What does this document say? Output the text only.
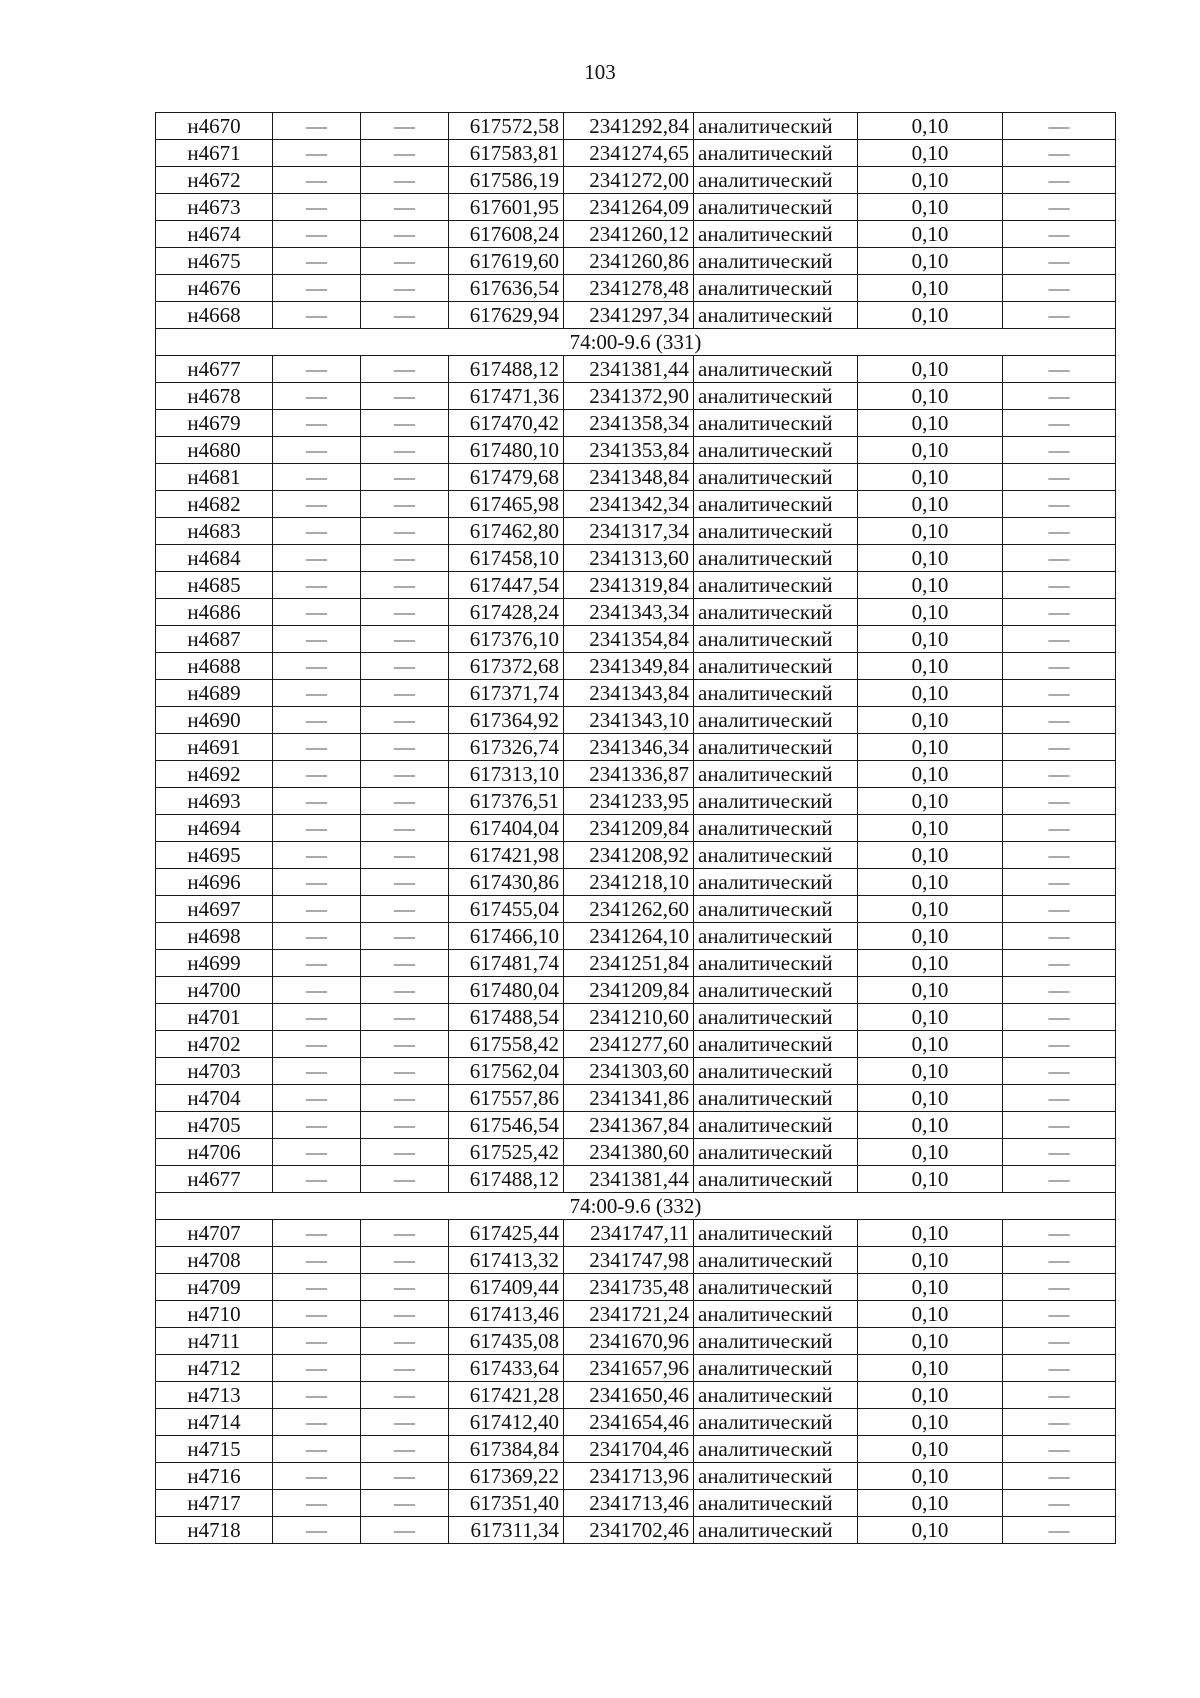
103
н4670	—	—	617572,58	2341292,84	аналитический	0,10	—
н4671	—	—	617583,81	2341274,65	аналитический	0,10	—
н4672	—	—	617586,19	2341272,00	аналитический	0,10	—
н4673	—	—	617601,95	2341264,09	аналитический	0,10	—
н4674	—	—	617608,24	2341260,12	аналитический	0,10	—
н4675	—	—	617619,60	2341260,86	аналитический	0,10	—
н4676	—	—	617636,54	2341278,48	аналитический	0,10	—
н4668	—	—	617629,94	2341297,34	аналитический	0,10	—
74:00-9.6 (331)							
н4677	—	—	617488,12	2341381,44	аналитический	0,10	—
н4678	—	—	617471,36	2341372,90	аналитический	0,10	—
н4679	—	—	617470,42	2341358,34	аналитический	0,10	—
н4680	—	—	617480,10	2341353,84	аналитический	0,10	—
н4681	—	—	617479,68	2341348,84	аналитический	0,10	—
н4682	—	—	617465,98	2341342,34	аналитический	0,10	—
н4683	—	—	617462,80	2341317,34	аналитический	0,10	—
н4684	—	—	617458,10	2341313,60	аналитический	0,10	—
н4685	—	—	617447,54	2341319,84	аналитический	0,10	—
н4686	—	—	617428,24	2341343,34	аналитический	0,10	—
н4687	—	—	617376,10	2341354,84	аналитический	0,10	—
н4688	—	—	617372,68	2341349,84	аналитический	0,10	—
н4689	—	—	617371,74	2341343,84	аналитический	0,10	—
н4690	—	—	617364,92	2341343,10	аналитический	0,10	—
н4691	—	—	617326,74	2341346,34	аналитический	0,10	—
н4692	—	—	617313,10	2341336,87	аналитический	0,10	—
н4693	—	—	617376,51	2341233,95	аналитический	0,10	—
н4694	—	—	617404,04	2341209,84	аналитический	0,10	—
н4695	—	—	617421,98	2341208,92	аналитический	0,10	—
н4696	—	—	617430,86	2341218,10	аналитический	0,10	—
н4697	—	—	617455,04	2341262,60	аналитический	0,10	—
н4698	—	—	617466,10	2341264,10	аналитический	0,10	—
н4699	—	—	617481,74	2341251,84	аналитический	0,10	—
н4700	—	—	617480,04	2341209,84	аналитический	0,10	—
н4701	—	—	617488,54	2341210,60	аналитический	0,10	—
н4702	—	—	617558,42	2341277,60	аналитический	0,10	—
н4703	—	—	617562,04	2341303,60	аналитический	0,10	—
н4704	—	—	617557,86	2341341,86	аналитический	0,10	—
н4705	—	—	617546,54	2341367,84	аналитический	0,10	—
н4706	—	—	617525,42	2341380,60	аналитический	0,10	—
н4677	—	—	617488,12	2341381,44	аналитический	0,10	—
74:00-9.6 (332)							
н4707	—	—	617425,44	2341747,11	аналитический	0,10	—
н4708	—	—	617413,32	2341747,98	аналитический	0,10	—
н4709	—	—	617409,44	2341735,48	аналитический	0,10	—
н4710	—	—	617413,46	2341721,24	аналитический	0,10	—
н4711	—	—	617435,08	2341670,96	аналитический	0,10	—
н4712	—	—	617433,64	2341657,96	аналитический	0,10	—
н4713	—	—	617421,28	2341650,46	аналитический	0,10	—
н4714	—	—	617412,40	2341654,46	аналитический	0,10	—
н4715	—	—	617384,84	2341704,46	аналитический	0,10	—
н4716	—	—	617369,22	2341713,96	аналитический	0,10	—
н4717	—	—	617351,40	2341713,46	аналитический	0,10	—
н4718	—	—	617311,34	2341702,46	аналитический	0,10	—
